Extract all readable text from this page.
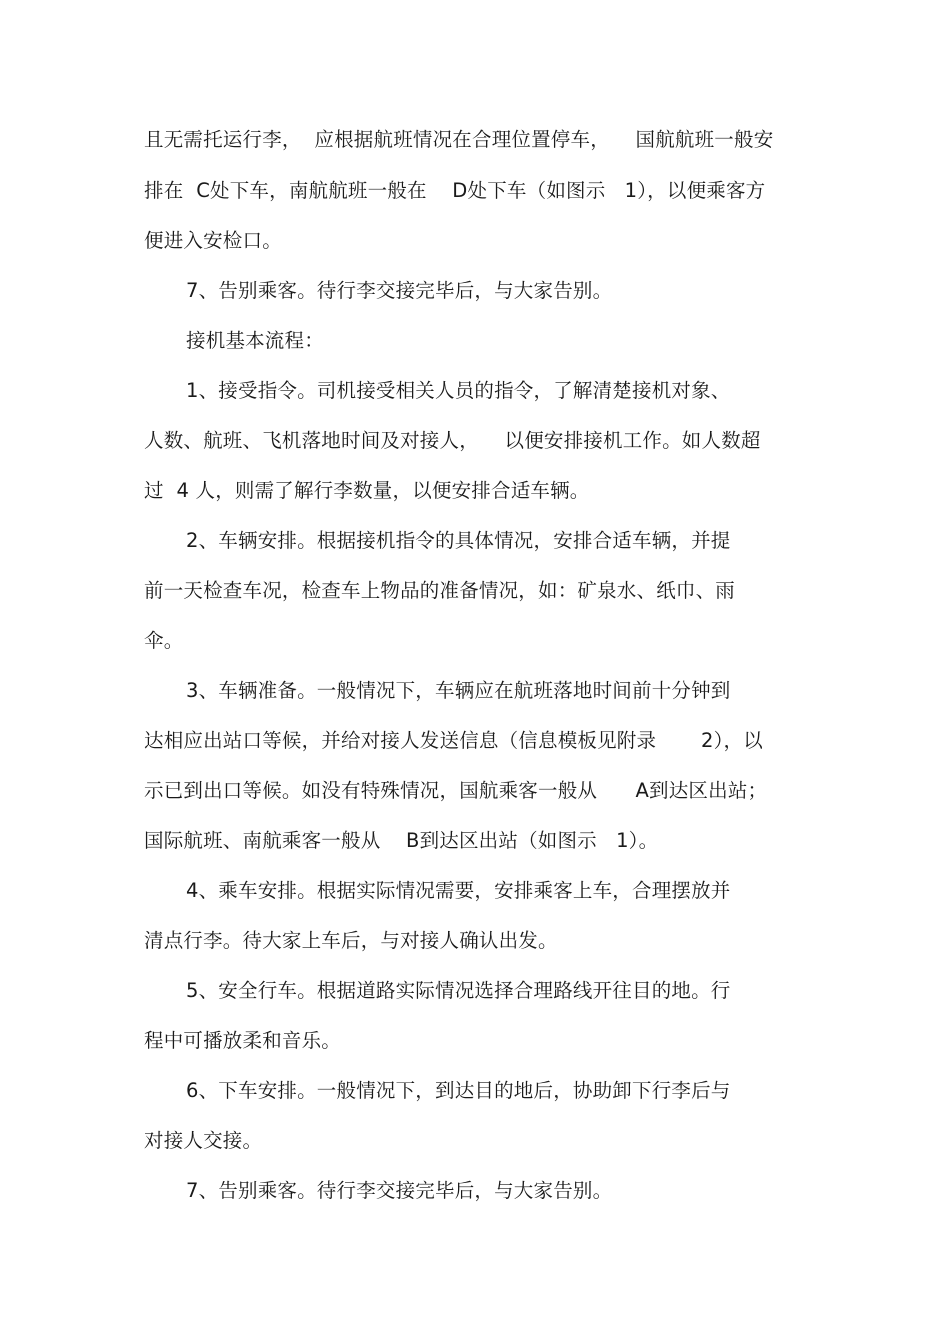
且无需托运行李，  应根据航班情况在合理位置停车，    国航航班一般安

排在  C处下车，南航航班一般在    D处下车（如图示   1），以便乘客方

便进入安检口。

7、告别乘客。待行李交接完毕后，与大家告别。

接机基本流程：

1、接受指令。司机接受相关人员的指令，了解清楚接机对象、

人数、航班、飞机落地时间及对接人，    以便安排接机工作。如人数超

过  4 人，则需了解行李数量，以便安排合适车辆。

2、车辆安排。根据接机指令的具体情况，安排合适车辆，并提

前一天检查车况，检查车上物品的准备情况，如：矿泉水、纸巾、雨

伞。

3、车辆准备。一般情况下，车辆应在航班落地时间前十分钟到

达相应出站口等候，并给对接人发送信息（信息模板见附录       2），以

示已到出口等候。如没有特殊情况，国航乘客一般从      A到达区出站；

国际航班、南航乘客一般从    B到达区出站（如图示   1）。

4、乘车安排。根据实际情况需要，安排乘客上车，合理摆放并

清点行李。待大家上车后，与对接人确认出发。

5、安全行车。根据道路实际情况选择合理路线开往目的地。行

程中可播放柔和音乐。

6、下车安排。一般情况下，到达目的地后，协助卸下行李后与

对接人交接。

7、告别乘客。待行李交接完毕后，与大家告别。
